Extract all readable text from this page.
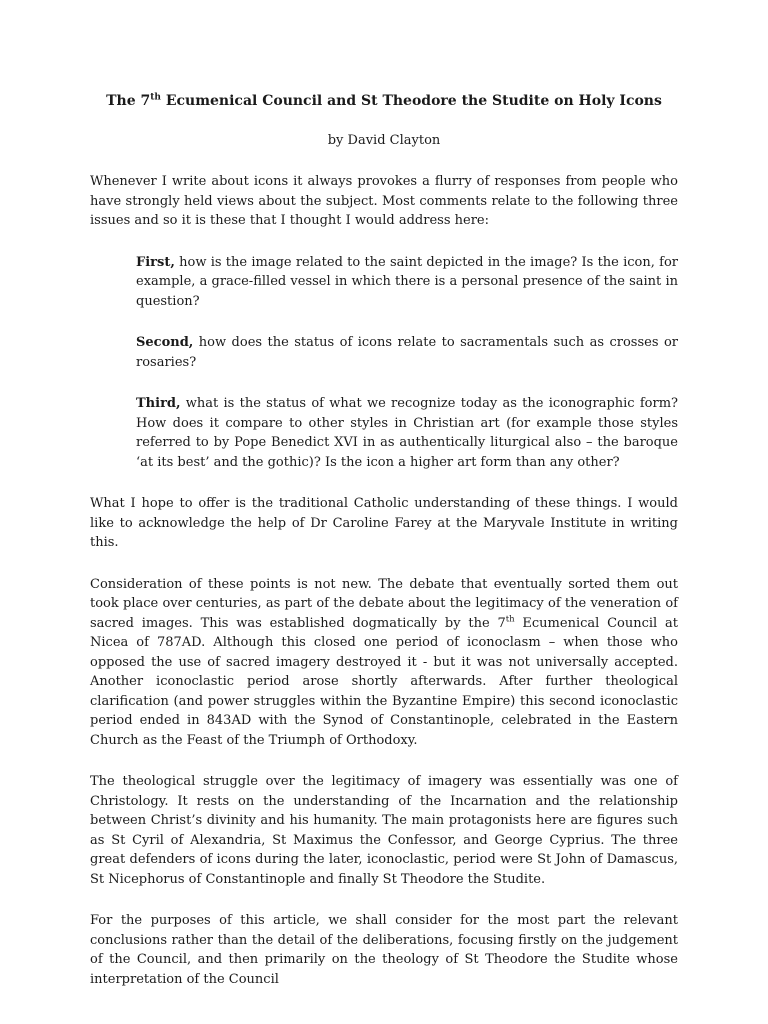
The 7th Ecumenical Council and St Theodore the Studite on Holy Icons
by David Clayton

Whenever I write about icons it always provokes a flurry of responses from people who have strongly held views about the subject. Most comments relate to the following three issues and so it is these that I thought I would address here:

First, how is the image related to the saint depicted in the image? Is the icon, for example, a grace-filled vessel in which there is a personal presence of the saint in question?

Second, how does the status of icons relate to sacramentals such as crosses or rosaries?

Third, what is the status of what we recognize today as the iconographic form? How does it compare to other styles in Christian art (for example those styles referred to by Pope Benedict XVI in as authentically liturgical also – the baroque ‘at its best’ and the gothic)? Is the icon a higher art form than any other?

What I hope to offer is the traditional Catholic understanding of these things. I would like to acknowledge the help of Dr Caroline Farey at the Maryvale Institute in writing this.

Consideration of these points is not new. The debate that eventually sorted them out took place over centuries, as part of the debate about the legitimacy of the veneration of sacred images. This was established dogmatically by the 7th Ecumenical Council at Nicea of 787AD. Although this closed one period of iconoclasm – when those who opposed the use of sacred imagery destroyed it - but it was not universally accepted. Another iconoclastic period arose shortly afterwards. After further theological clarification (and power struggles within the Byzantine Empire) this second iconoclastic period ended in 843AD with the Synod of Constantinople, celebrated in the Eastern Church as the Feast of the Triumph of Orthodoxy.

The theological struggle over the legitimacy of imagery was essentially was one of Christology. It rests on the understanding of the Incarnation and the relationship between Christ’s divinity and his humanity. The main protagonists here are figures such as St Cyril of Alexandria, St Maximus the Confessor, and George Cyprius. The three great defenders of icons during the later, iconoclastic, period were St John of Damascus, St Nicephorus of Constantinople and finally St Theodore the Studite.

For the purposes of this article, we shall consider for the most part the relevant conclusions rather than the detail of the deliberations, focusing firstly on the judgement of the Council, and then primarily on the theology of St Theodore the Studite whose interpretation of the Council
